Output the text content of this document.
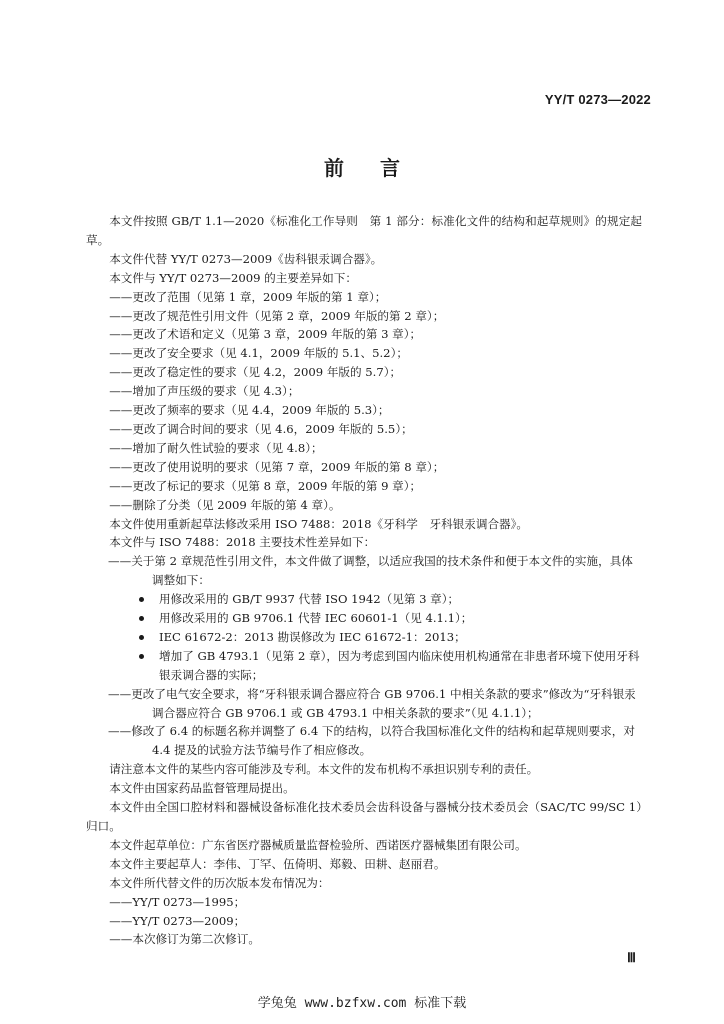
YY/T 0273—2022
前言

本文件按照 GB/T 1.1—2020《标准化工作导则　第 1 部分：标准化文件的结构和起草规则》的规定起草。

本文件代替 YY/T 0273—2009《齿科银汞调合器》。

本文件与 YY/T 0273—2009 的主要差异如下：

——更改了范围（见第 1 章，2009 年版的第 1 章）；

——更改了规范性引用文件（见第 2 章，2009 年版的第 2 章）；

——更改了术语和定义（见第 3 章，2009 年版的第 3 章）；

——更改了安全要求（见 4.1，2009 年版的 5.1、5.2）；

——更改了稳定性的要求（见 4.2，2009 年版的 5.7）；

——增加了声压级的要求（见 4.3）；

——更改了频率的要求（见 4.4，2009 年版的 5.3）；

——更改了调合时间的要求（见 4.6，2009 年版的 5.5）；

——增加了耐久性试验的要求（见 4.8）；

——更改了使用说明的要求（见第 7 章，2009 年版的第 8 章）；

——更改了标记的要求（见第 8 章，2009 年版的第 9 章）；

——删除了分类（见 2009 年版的第 4 章）。

本文件使用重新起草法修改采用 ISO 7488：2018《牙科学　牙科银汞调合器》。

本文件与 ISO 7488：2018 主要技术性差异如下：

——关于第 2 章规范性引用文件，本文件做了调整，以适应我国的技术条件和便于本文件的实施，具体调整如下：

用修改采用的 GB/T 9937 代替 ISO 1942（见第 3 章）；

用修改采用的 GB 9706.1 代替 IEC 60601-1（见 4.1.1）；

IEC 61672-2：2013 勘误修改为 IEC 61672-1：2013；

增加了 GB 4793.1（见第 2 章），因为考虑到国内临床使用机构通常在非患者环境下使用牙科银汞调合器的实际；

——更改了电气安全要求，将“牙科银汞调合器应符合 GB 9706.1 中相关条款的要求”修改为“牙科银汞调合器应符合 GB 9706.1 或 GB 4793.1 中相关条款的要求”（见 4.1.1）；

——修改了 6.4 的标题名称并调整了 6.4 下的结构，以符合我国标准化文件的结构和起草规则要求，对 4.4 提及的试验方法节编号作了相应修改。

请注意本文件的某些内容可能涉及专利。本文件的发布机构不承担识别专利的责任。

本文件由国家药品监督管理局提出。

本文件由全国口腔材料和器械设备标准化技术委员会齿科设备与器械分技术委员会（SAC/TC 99/SC 1）归口。

本文件起草单位：广东省医疗器械质量监督检验所、西诺医疗器械集团有限公司。

本文件主要起草人：李伟、丁罕、伍倚明、郑毅、田耕、赵丽君。

本文件所代替文件的历次版本发布情况为：

——YY/T 0273—1995；

——YY/T 0273—2009；

——本次修订为第二次修订。

Ⅲ
学兔兔 www.bzfxw.com 标准下载
